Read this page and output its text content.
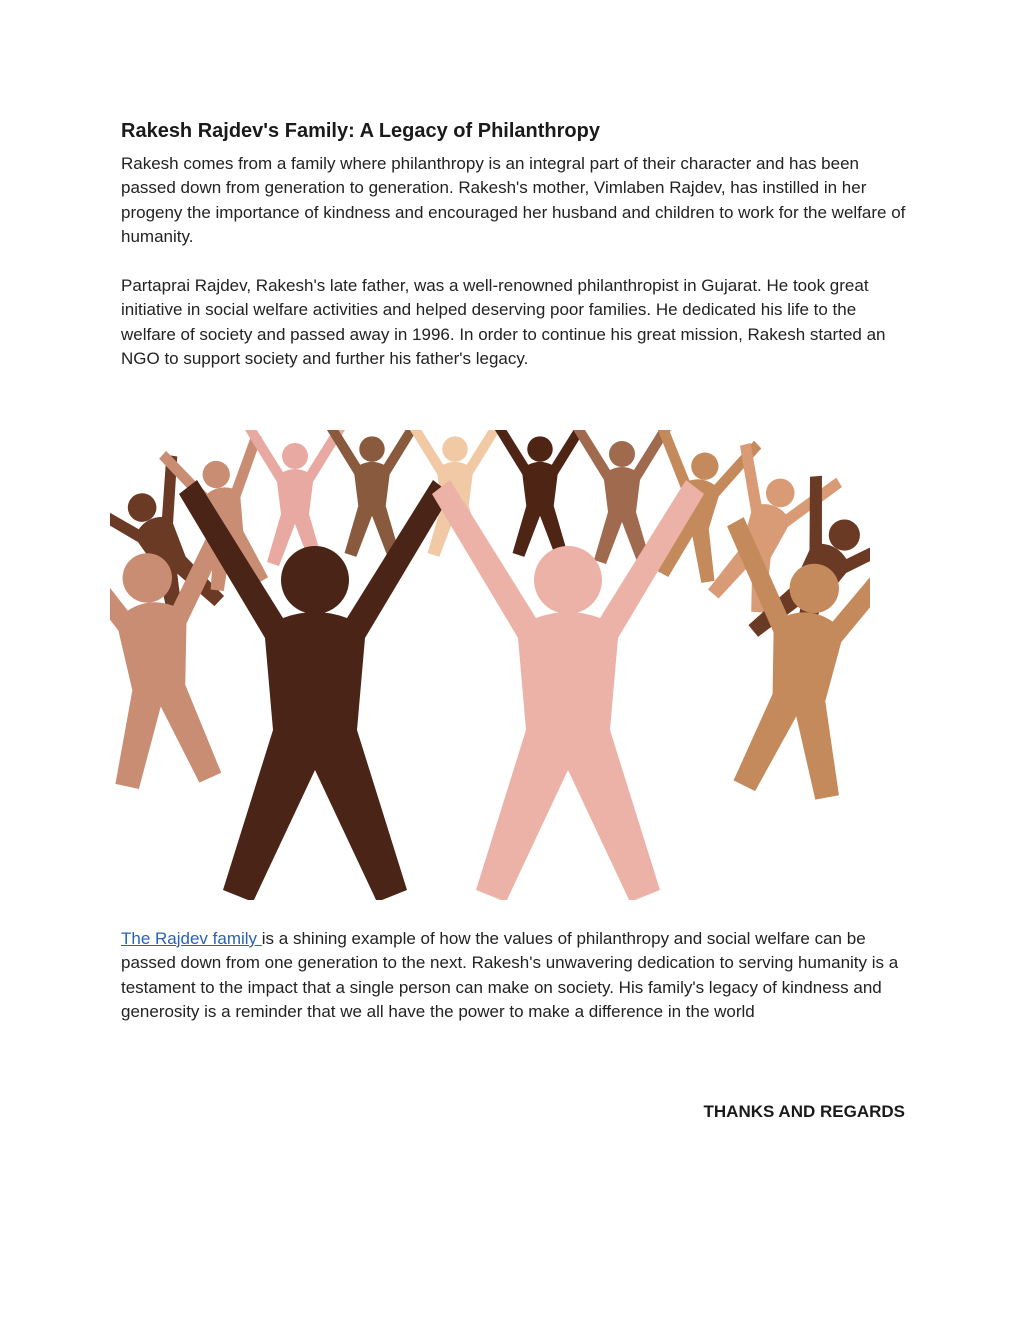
Rakesh Rajdev's Family: A Legacy of Philanthropy

Rakesh comes from a family where philanthropy is an integral part of their character and has been passed down from generation to generation. Rakesh's mother, Vimlaben Rajdev, has instilled in her progeny the importance of kindness and encouraged her husband and children to work for the welfare of humanity.

Partaprai Rajdev, Rakesh's late father, was a well-renowned philanthropist in Gujarat. He took great initiative in social welfare activities and helped deserving poor families. He dedicated his life to the welfare of society and passed away in 1996. In order to continue his great mission, Rakesh started an NGO to support society and further his father's legacy.

The Rajdev family is a shining example of how the values of philanthropy and social welfare can be passed down from one generation to the next. Rakesh's unwavering dedication to serving humanity is a testament to the impact that a single person can make on society. His family's legacy of kindness and generosity is a reminder that we all have the power to make a difference in the world

THANKS AND REGARDS
